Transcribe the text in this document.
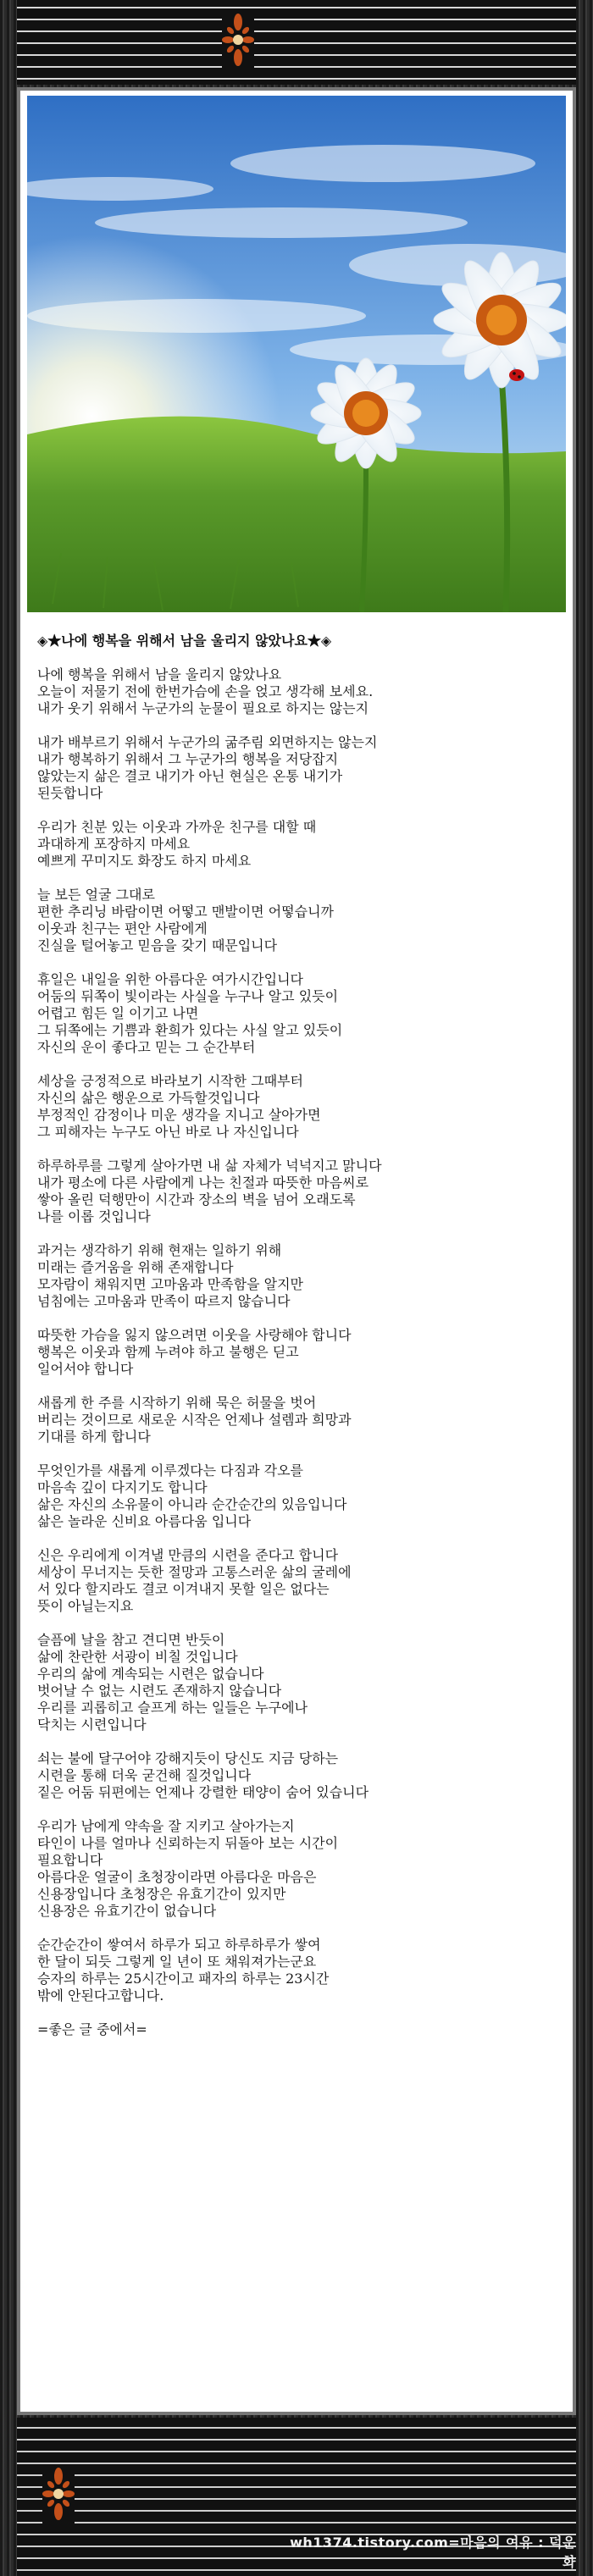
◈★나에 행복을 위해서 남을 울리지 않았나요★◈
나에 행복을 위해서 남을 울리지 않았나요
오늘이 저물기 전에 한번가슴에 손을 얹고 생각해 보세요.
내가 웃기 위해서 누군가의 눈물이 필요로 하지는 않는지
내가 배부르기 위해서 누군가의 굶주림 외면하지는 않는지
내가 행복하기 위해서 그 누군가의 행복을 저당잡지
않았는지 삶은 결코 내기가 아닌 현실은 온통 내기가
된듯합니다
우리가 친분 있는 이웃과 가까운 친구를 대할 때
과대하게 포장하지 마세요
예쁘게 꾸미지도 화장도 하지 마세요
늘 보든 얼굴 그대로
편한 추리닝 바람이면 어떻고 맨발이면 어떻습니까
이웃과 친구는 편안 사람에게
진실을 털어놓고 믿음을 갖기 때문입니다
휴일은 내일을 위한 아름다운 여가시간입니다
어둠의 뒤쪽이 빛이라는 사실을 누구나 알고 있듯이
어렵고 힘든 일 이기고 나면
그 뒤쪽에는 기쁨과 환희가 있다는 사실 알고 있듯이
자신의 운이 좋다고 믿는 그 순간부터
세상을 긍정적으로 바라보기 시작한 그때부터
자신의 삶은 행운으로 가득할것입니다
부정적인 감정이나 미운 생각을 지니고 살아가면
그 피해자는 누구도 아닌 바로 나 자신입니다
하루하루를 그렇게 살아가면 내 삶 자체가 넉넉지고 맑니다
내가 평소에 다른 사람에게 나는 친절과 따뜻한 마음씨로
쌓아 올린 덕행만이 시간과 장소의 벽을 넘어 오래도록
나를 이롭 것입니다
과거는 생각하기 위해 현재는 일하기 위해
미래는 즐거움을 위해 존재합니다
모자람이 채워지면 고마움과 만족함을 알지만
넘침에는 고마움과 만족이 따르지 않습니다
따뜻한 가슴을 잃지 않으려면 이웃을 사랑해야 합니다
행복은 이웃과 함께 누려야 하고 불행은 딛고
일어서야 합니다
새롭게 한 주를 시작하기 위해 묵은 허물을 벗어
버리는 것이므로 새로운 시작은 언제나 설렘과 희망과
기대를 하게 합니다
무엇인가를 새롭게 이루겠다는 다짐과 각오를
마음속 깊이 다지기도 합니다
삶은 자신의 소유물이 아니라 순간순간의 있음입니다
삶은 놀라운 신비요 아름다움 입니다
신은 우리에게 이겨낼 만큼의 시련을 준다고 합니다
세상이 무너지는 듯한 절망과 고통스러운 삶의 굴레에
서 있다 할지라도 결코 이겨내지 못할 일은 없다는
뜻이 아닐는지요
슬픔에 날을 참고 견디면 반듯이
삶에 찬란한 서광이 비칠 것입니다
우리의 삶에 계속되는 시련은 없습니다
벗어날 수 없는 시련도 존재하지 않습니다
우리를 괴롭히고 슬프게 하는 일들은 누구에나
닥치는 시련입니다
쇠는 불에 달구어야 강해지듯이 당신도 지금 당하는
시련을 통해 더욱 굳건해 질것입니다
짙은 어둠 뒤편에는 언제나 강렬한 태양이 숨어 있습니다
우리가 남에게 약속을 잘 지키고 살아가는지
타인이 나를 얼마나 신뢰하는지 뒤돌아 보는 시간이
필요합니다
아름다운 얼굴이 초청장이라면 아름다운 마음은
신용장입니다 초청장은 유효기간이 있지만
신용장은 유효기간이 없습니다
순간순간이 쌓여서 하루가 되고 하루하루가 쌓여
한 달이 되듯 그렇게 일 년이 또 채워져가는군요
승자의 하루는 25시간이고 패자의 하루는 23시간
밖에 안된다고합니다.
=좋은 글 중에서=
wh1374.tistory.com=마음의 여유 : 덕운화
